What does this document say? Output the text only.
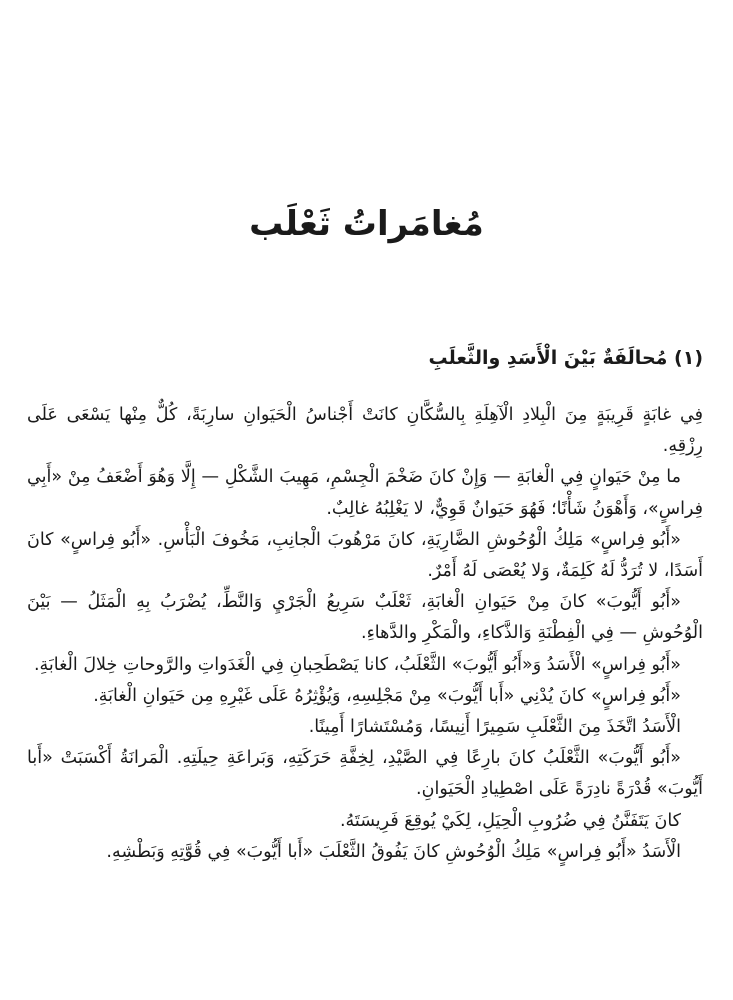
مُغامَراتُ ثَعْلَب
(١) مُحالَفَةٌ بَيْنَ الْأَسَدِ والثَّعلَبِ

فِي غابَةٍ قَرِيبَةٍ مِنَ الْبِلادِ الْآهِلَةِ بِالسُّكَّانِ كانَتْ أَجْناسُ الْحَيَوانِ سارِبَةً، كُلٌّ مِنْها يَسْعَى عَلَى رِزْقِهِ.

ما مِنْ حَيَوانٍ فِي الْغابَةِ — وَإِنْ كانَ ضَخْمَ الْجِسْمِ، مَهِيبَ الشَّكْلِ — إِلَّا وَهُوَ أَضْعَفُ مِنْ «أَبِي فِراسٍ»، وَأَهْوَنُ شَأْنًا؛ فَهُوَ حَيَوانٌ قَوِيٌّ، لا يَغْلِبُهُ غالِبٌ.

«أَبُو فِراسٍ» مَلِكُ الْوُحُوشِ الضَّارِيَةِ، كانَ مَرْهُوبَ الْجانِبِ، مَخُوفَ الْبَأْسِ. «أَبُو فِراسٍ» كانَ أَسَدًا، لا تُرَدُّ لَهُ كَلِمَةٌ، وَلا يُعْصَى لَهُ أَمْرٌ.

«أَبُو أَيُّوبَ» كانَ مِنْ حَيَوانِ الْغابَةِ، ثَعْلَبٌ سَرِيعُ الْجَرْيِ وَالنَّطِّ، يُضْرَبُ بِهِ الْمَثَلُ — بَيْنَ الْوُحُوشِ — فِي الْفِطْنَةِ وَالذَّكاءِ، والْمَكْرِ والدَّهاءِ.

«أَبُو فِراسٍ» الْأَسَدُ وَ«أَبُو أَيُّوبَ» الثَّعْلَبُ، كانا يَصْطَحِبانِ فِي الْغَدَواتِ والرَّوحاتِ خِلالَ الْغابَةِ.

«أَبُو فِراسٍ» كانَ يُدْنِي «أَبا أَيُّوبَ» مِنْ مَجْلِسِهِ، وَيُؤْثِرُهُ عَلَى غَيْرِهِ مِن حَيَوانِ الْغابَةِ.

الْأَسَدُ اتَّخَذَ مِنَ الثَّعْلَبِ سَمِيرًا أَنِيسًا، وَمُسْتَشارًا أَمِينًا.

«أَبُو أَيُّوبَ» الثَّعْلَبُ كانَ بارِعًا فِي الصَّيْدِ، لِخِفَّةِ حَرَكَتِهِ، وَبَراعَةِ حِيلَتِهِ. الْمَرانَةُ أَكْسَبَتْ «أَبا أَيُّوبَ» قُدْرَةً نادِرَةً عَلَى اصْطِيادِ الْحَيَوانِ.

كانَ يَتَفَنَّنُ فِي ضُرُوبِ الْحِيَلِ، لِكَيْ يُوقِعَ فَرِيسَتَهُ.

الْأَسَدُ «أَبُو فِراسٍ» مَلِكُ الْوُحُوشِ كانَ يَفُوقُ الثَّعْلَبَ «أَبا أَيُّوبَ» فِي قُوَّتِهِ وَبَطْشِهِ.
